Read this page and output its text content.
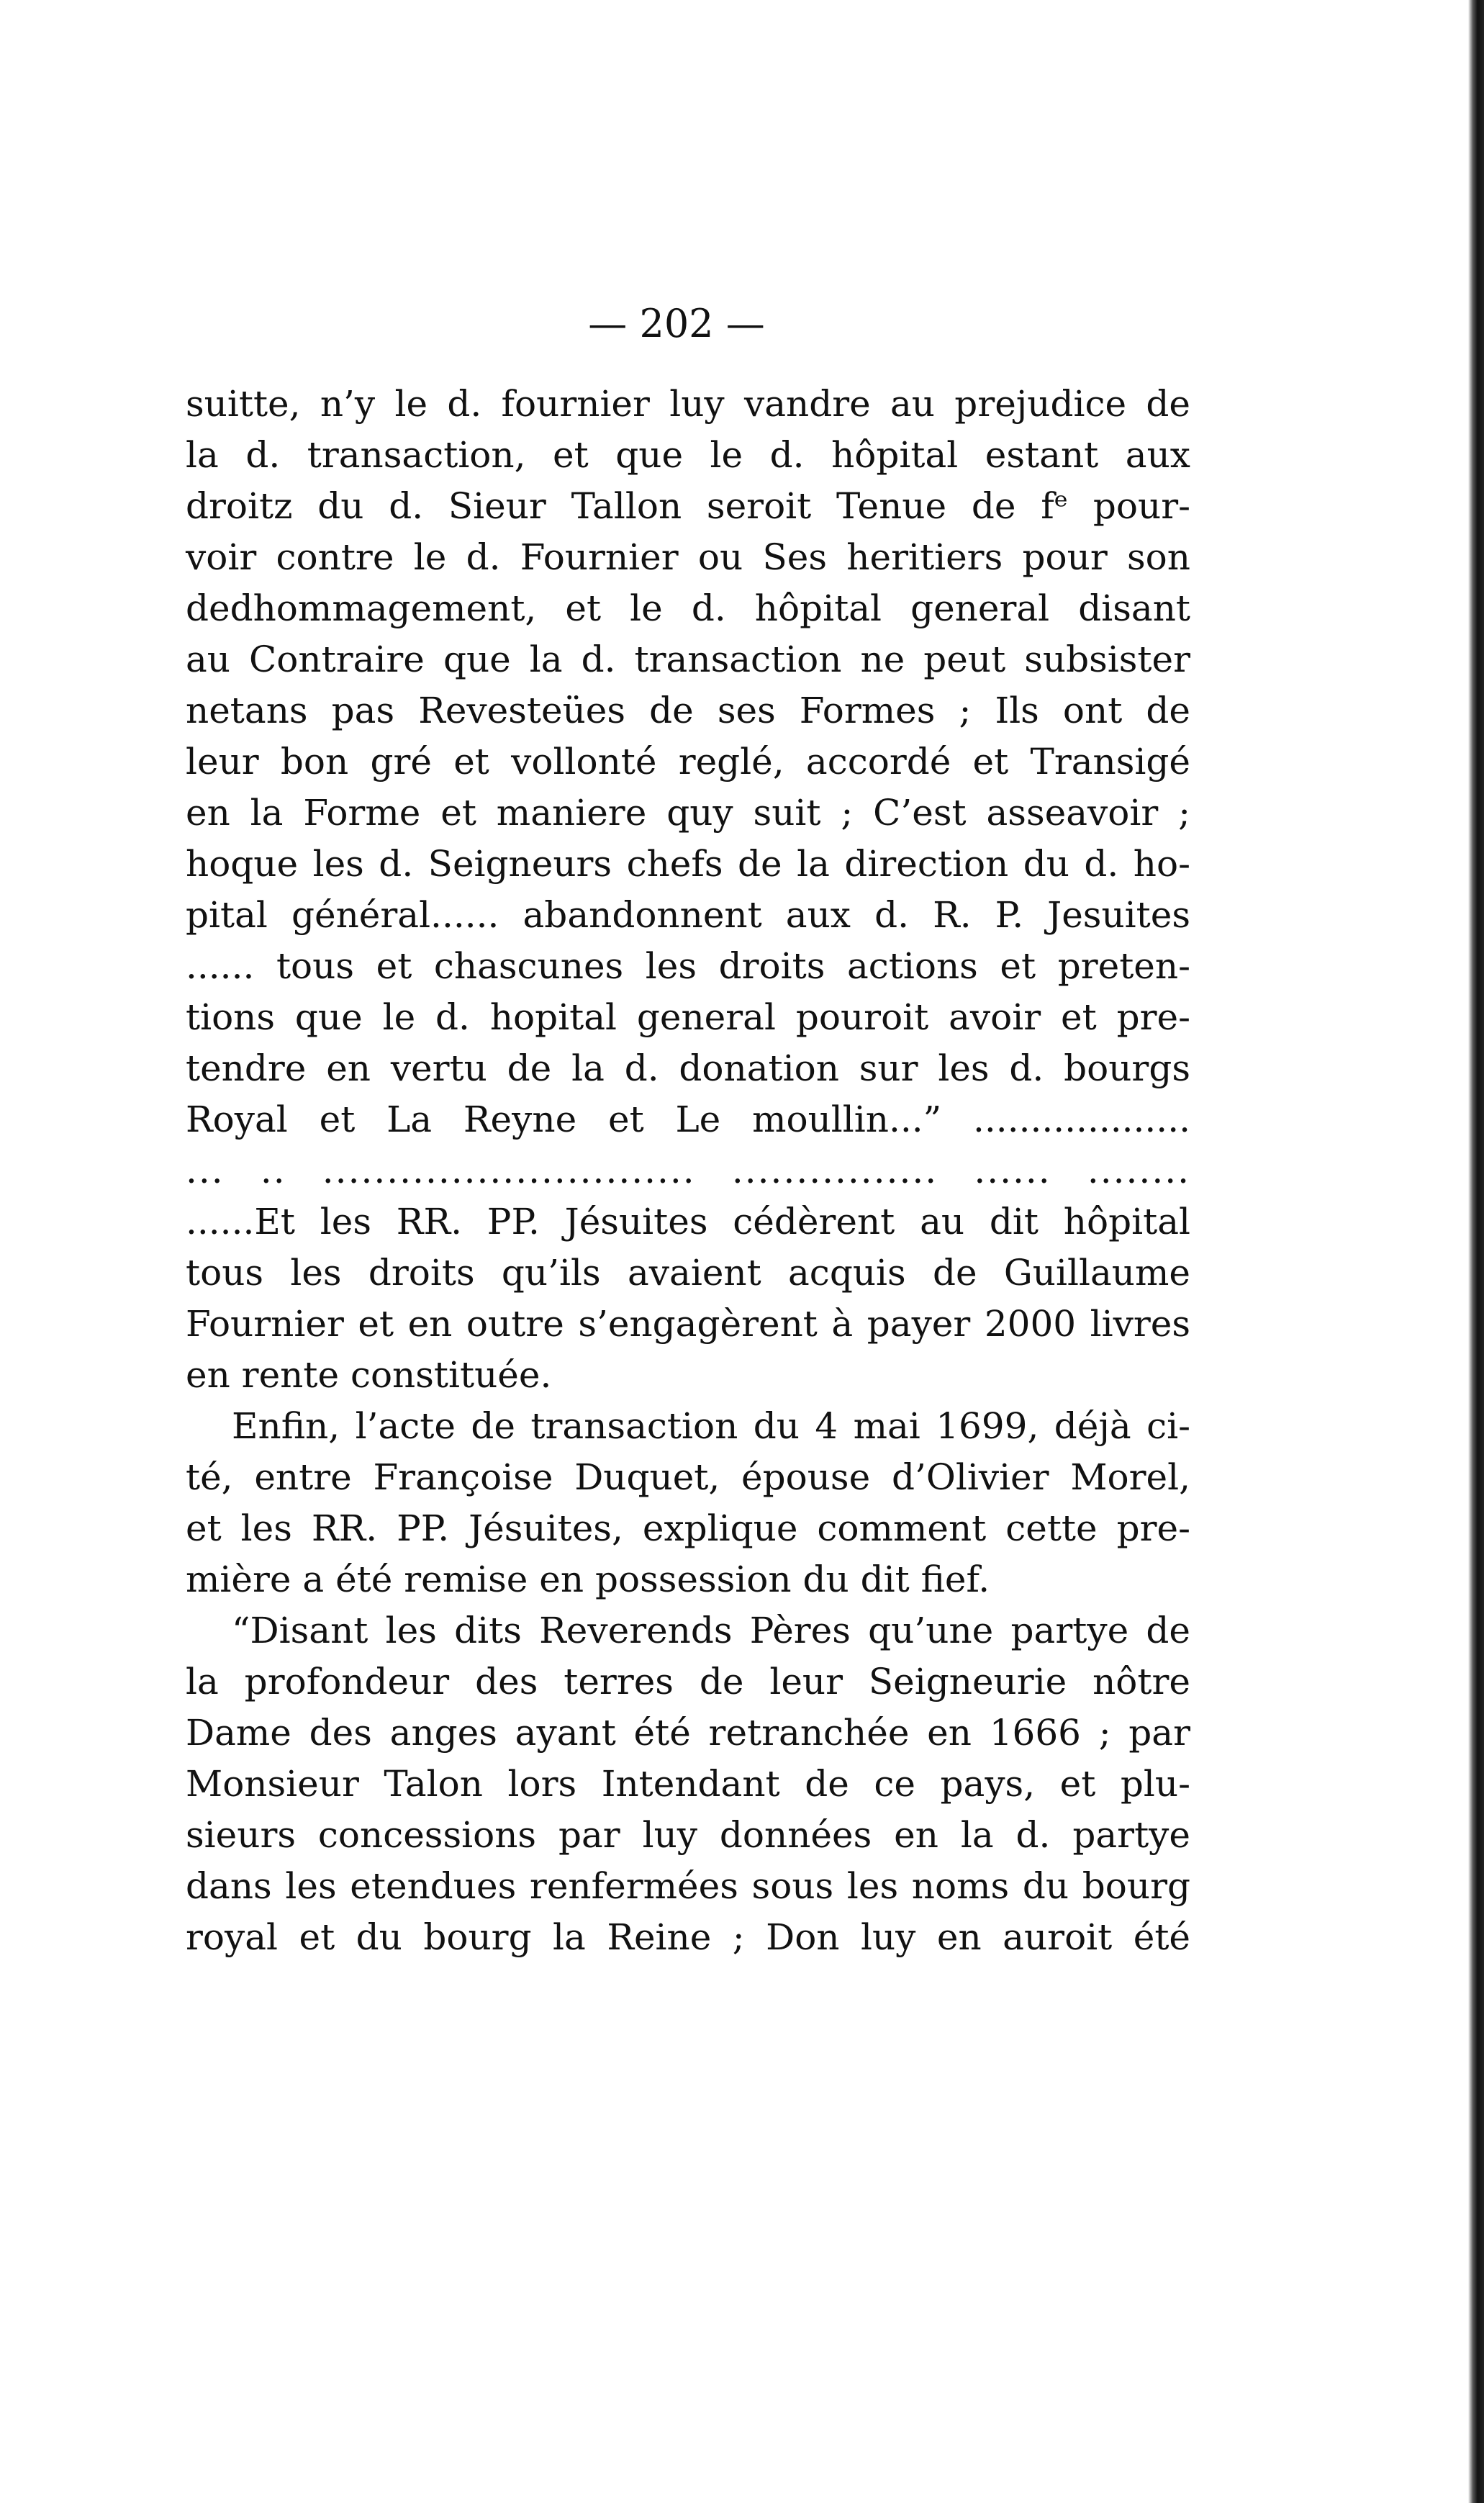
— 202 —
suitte, n’y le d. fournier luy vandre au prejudice de
la d. transaction, et que le d. hôpital estant aux
droitz du d. Sieur Tallon seroit Tenue de fᵉ pour-
voir contre le d. Fournier ou Ses heritiers pour son
dedhommagement, et le d. hôpital general disant
au Contraire que la d. transaction ne peut subsister
netans pas Revesteües de ses Formes ; Ils ont de
leur bon gré et vollonté reglé, accordé et Transigé
en la Forme et maniere quy suit ; C’est asseavoir ;
hoque les d. Seigneurs chefs de la direction du d. ho-
pital général...... abandonnent aux d. R. P. Jesuites
...... tous et chascunes les droits actions et preten-
tions que le d. hopital general pouroit avoir et pre-
tendre en vertu de la d. donation sur les d. bourgs
Royal et La Reyne et Le moullin...” ...................
... .. ............................. ................ ...... ........
......Et les RR. PP. Jésuites cédèrent au dit hôpital
tous les droits qu’ils avaient acquis de Guillaume
Fournier et en outre s’engagèrent à payer 2000 livres
en rente constituée.
Enfin, l’acte de transaction du 4 mai 1699, déjà ci-
té, entre Françoise Duquet, épouse d’Olivier Morel,
et les RR. PP. Jésuites, explique comment cette pre-
mière a été remise en possession du dit fief.
“Disant les dits Reverends Pères qu’une partye de
la profondeur des terres de leur Seigneurie nôtre
Dame des anges ayant été retranchée en 1666 ; par
Monsieur Talon lors Intendant de ce pays, et plu-
sieurs concessions par luy données en la d. partye
dans les etendues renfermées sous les noms du bourg
royal et du bourg la Reine ; Don luy en auroit été
